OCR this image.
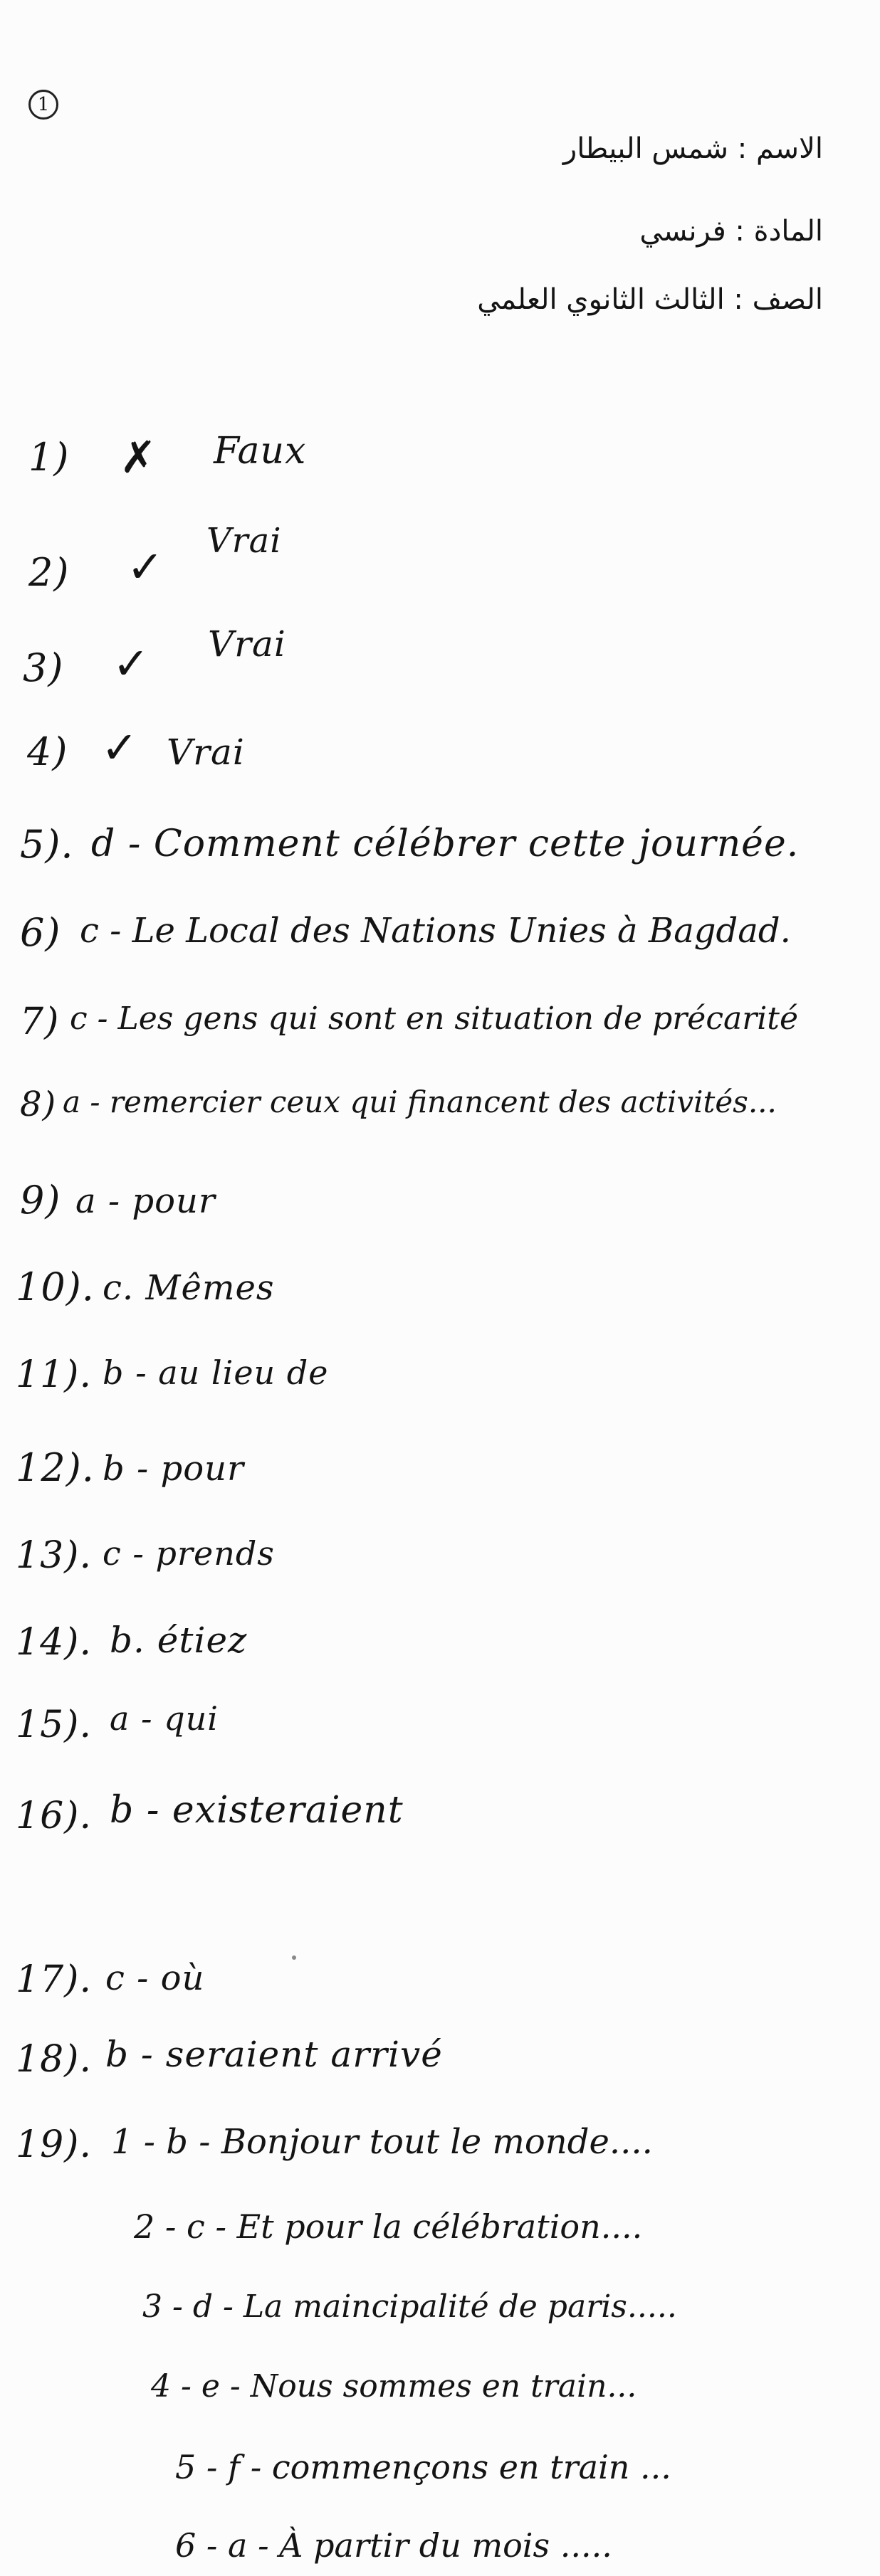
1
الاسم : شمس البيطار
المادة : فرنسي
الصف : الثالث الثانوي العلمي
1) ✗ Faux
2) ✓ Vrai
3) ✓ Vrai
4) ✓ Vrai
5). d - Comment célébrer cette journée.
6) c - Le Local des Nations Unies à Bagdad.
7) c - Les gens qui sont en situation de précarité
8) a - remercier ceux qui financent des activités...
9) a - pour
10). c. Mêmes
11). b - au lieu de
12). b - pour
13). c - prends
14). b. étiez
15). a - qui
16). b - existeraient
17). c - où
18). b - seraient arrivé
19). 1 - b - Bonjour tout le monde....
2 - c - Et pour la célébration....
3 - d - La maincipalité de paris.....
4 - e - Nous sommes en train...
5 - f - commençons en train ...
6 - a - À partir du mois .....
